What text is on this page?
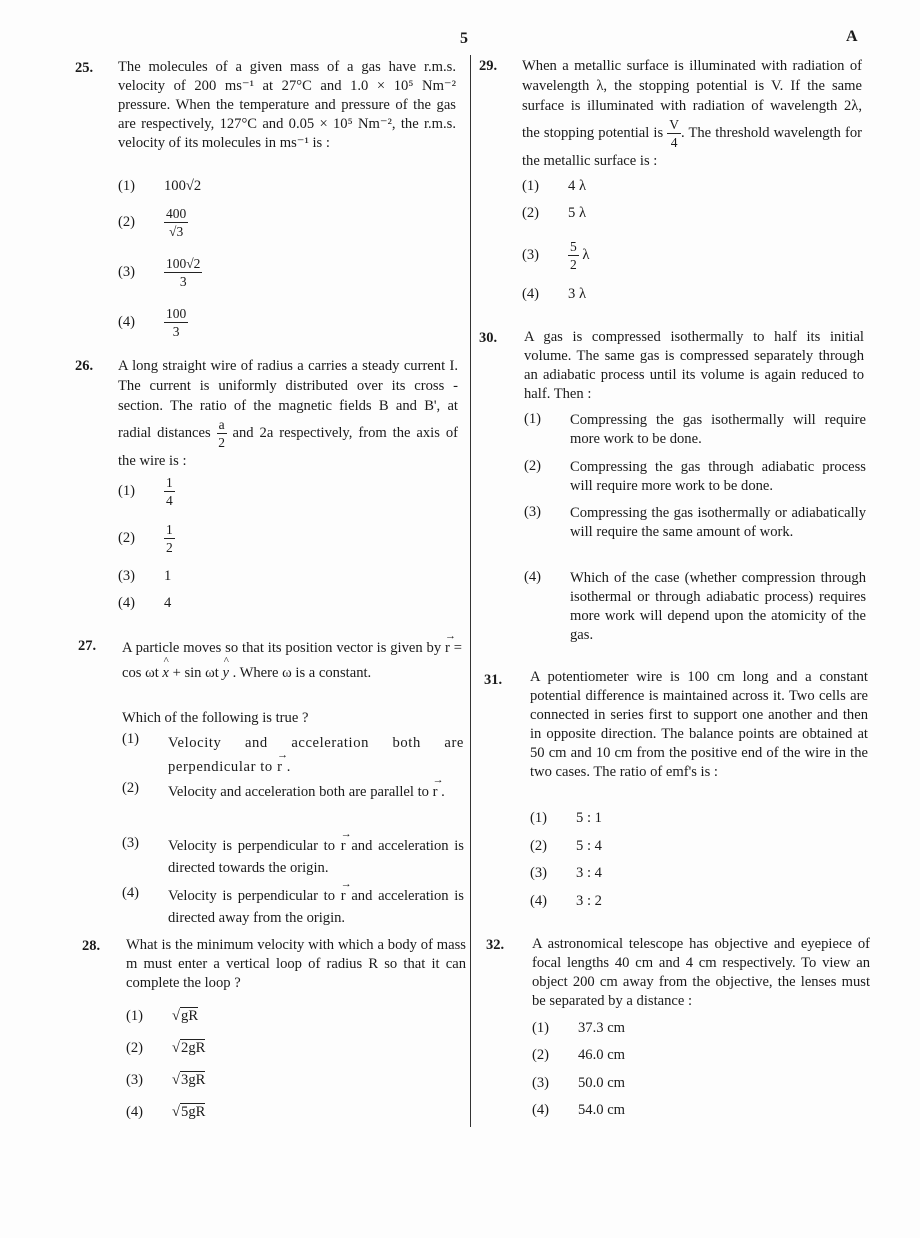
5	A
25. The molecules of a given mass of a gas have r.m.s. velocity of 200 ms⁻¹ at 27°C and 1.0 × 10⁵ Nm⁻² pressure. When the temperature and pressure of the gas are respectively, 127°C and 0.05 × 10⁵ Nm⁻², the r.m.s. velocity of its molecules in ms⁻¹ is :
(1)	100√2
(2)	$\frac{400}{√3}$
(3)	$\frac{100√2}{3}$
(4)	$\frac{100}{3}$
26. A long straight wire of radius a carries a steady current I. The current is uniformly distributed over its cross - section. The ratio of the magnetic fields B and B', at radial distances $\frac{a}{2}$ and 2a respectively, from the axis of the wire is :
(1)	$\frac{1}{4}$
(2)	$\frac{1}{2}$
(3)	1
(4)	4
27. A particle moves so that its position vector is given by → r = cos ωt ^ x + sin ωt ^ y . Where ω is a constant.
Which of the following is true ?
(1)	Velocity and acceleration both are perpendicular to → r .
(2)	Velocity and acceleration both are parallel to → r .
(3)	Velocity is perpendicular to → r and acceleration is directed towards the origin.
(4)	Velocity is perpendicular to → r and acceleration is directed away from the origin.
28. What is the minimum velocity with which a body of mass m must enter a vertical loop of radius R so that it can complete the loop ?
(1)	√gR
(2)	√2gR
(3)	√3gR
(4)	√5gR
29. When a metallic surface is illuminated with radiation of wavelength λ, the stopping potential is V. If the same surface is illuminated with radiation of wavelength 2λ, the stopping potential is $\frac{V}{4}$ . The threshold wavelength for the metallic surface is :
(1)	4 λ
(2)	5 λ
(3)	$\frac{5}{2}$
λ
(4)	3 λ
30. A gas is compressed isothermally to half its initial volume. The same gas is compressed separately through an adiabatic process until its volume is again reduced to half. Then :
(1)	Compressing the gas isothermally will require more work to be done.
(2)	Compressing the gas through adiabatic process will require more work to be done.
(3)	Compressing the gas isothermally or adiabatically will require the same amount of work.
(4)	Which of the case (whether compression through isothermal or through adiabatic process) requires more work will depend upon the atomicity of the gas.
31. A potentiometer wire is 100 cm long and a constant potential difference is maintained across it. Two cells are connected in series first to support one another and then in opposite direction. The balance points are obtained at 50 cm and 10 cm from the positive end of the wire in the two cases. The ratio of emf's is :
(1)	5 : 1
(2)	5 : 4
(3)	3 : 4
(4)	3 : 2
32. A astronomical telescope has objective and eyepiece of focal lengths 40 cm and 4 cm respectively. To view an object 200 cm away from the objective, the lenses must be separated by a distance :
(1)	37.3 cm
(2)	46.0 cm
(3)	50.0 cm
(4)	54.0 cm
